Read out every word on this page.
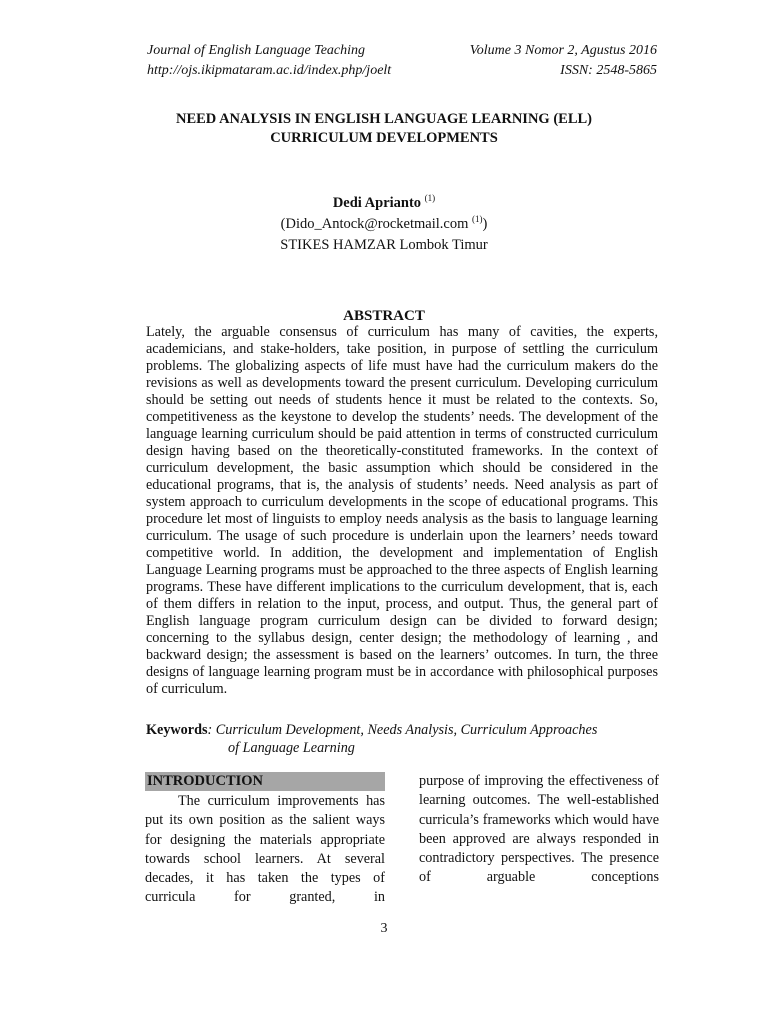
Journal of English Language Teaching	Volume 3 Nomor 2, Agustus 2016
http://ojs.ikipmataram.ac.id/index.php/joelt	ISSN: 2548-5865
NEED ANALYSIS IN ENGLISH LANGUAGE LEARNING (ELL)
CURRICULUM DEVELOPMENTS
Dedi Aprianto $^{(1)}$
(Dido_Antock@rocketmail.com $^{(1)}$)
STIKES HAMZAR Lombok Timur
ABSTRACT

Lately, the arguable consensus of curriculum has many of cavities, the experts, academicians, and stake-holders, take position, in purpose of settling the curriculum problems. The globalizing aspects of life must have had the curriculum makers do the revisions as well as developments toward the present curriculum. Developing curriculum should be setting out needs of students hence it must be related to the contexts. So, competitiveness as the keystone to develop the students’ needs. The development of the language learning curriculum should be paid attention in terms of constructed curriculum design having based on the theoretically-constituted frameworks. In the context of curriculum development, the basic assumption which should be considered in the educational programs, that is, the analysis of students’ needs. Need analysis as part of system approach to curriculum developments in the scope of educational programs. This procedure let most of linguists to employ needs analysis as the basis to language learning curriculum. The usage of such procedure is underlain upon the learners’ needs toward competitive world. In addition, the development and implementation of English Language Learning programs must be approached to the three aspects of English learning programs. These have different implications to the curriculum development, that is, each of them differs in relation to the input, process, and output. Thus, the general part of English language program curriculum design can be divided to forward design; concerning to the syllabus design, center design; the methodology of learning , and backward design; the assessment is based on the learners’ outcomes. In turn, the three designs of language learning program must be in accordance with philosophical purposes of curriculum.

Keywords: Curriculum Development, Needs Analysis, Curriculum Approaches
of Language Learning
INTRODUCTION

The curriculum improvements has put its own position as the salient ways for designing the materials appropriate towards school learners. At several decades, it has taken the types of curricula for granted, in

purpose of improving the effectiveness of learning outcomes. The well-established curricula’s frameworks which would have been approved are always responded in contradictory perspectives. The presence of arguable conceptions

3
